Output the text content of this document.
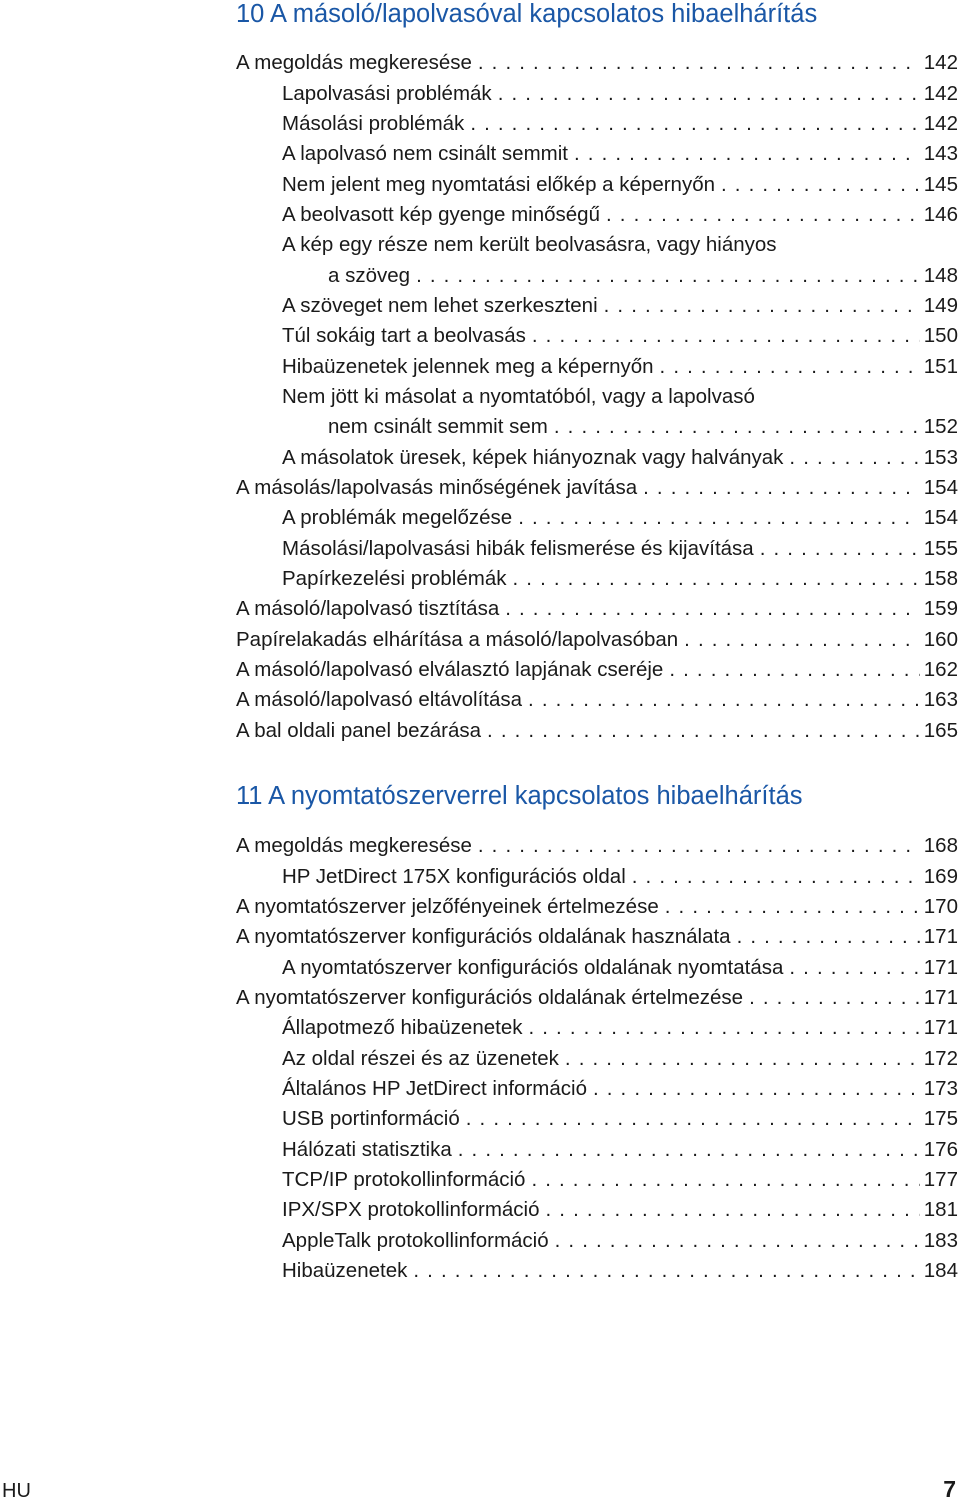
10 A másoló/lapolvasóval kapcsolatos hibaelhárítás
A megoldás megkeresése . . .	142
Lapolvasási problémák . . .	142
Másolási problémák . . .	142
A lapolvasó nem csinált semmit . . .	143
Nem jelent meg nyomtatási előkép a képernyőn . . .	145
A beolvasott kép gyenge minőségű . . .	146
A kép egy része nem került beolvasásra, vagy hiányos
a szöveg . . .	148
A szöveget nem lehet szerkeszteni . . .	149
Túl sokáig tart a beolvasás . . .	150
Hibaüzenetek jelennek meg a képernyőn . . .	151
Nem jött ki másolat a nyomtatóból, vagy a lapolvasó
nem csinált semmit sem . . .	152
A másolatok üresek, képek hiányoznak vagy halványak . . .	153
A másolás/lapolvasás minőségének javítása . . .	154
A problémák megelőzése . . .	154
Másolási/lapolvasási hibák felismerése és kijavítása . . .	155
Papírkezelési problémák . . .	158
A másoló/lapolvasó tisztítása . . .	159
Papírelakadás elhárítása a másoló/lapolvasóban . . .	160
A másoló/lapolvasó elválasztó lapjának cseréje . . .	162
A másoló/lapolvasó eltávolítása . . .	163
A bal oldali panel bezárása . . .	165
11 A nyomtatószerverrel kapcsolatos hibaelhárítás
A megoldás megkeresése . . .	168
HP JetDirect 175X konfigurációs oldal . . .	169
A nyomtatószerver jelzőfényeinek értelmezése . . .	170
A nyomtatószerver konfigurációs oldalának használata . . .	171
A nyomtatószerver konfigurációs oldalának nyomtatása . . .	171
A nyomtatószerver konfigurációs oldalának értelmezése . . .	171
Állapotmező hibaüzenetek . . .	171
Az oldal részei és az üzenetek . . .	172
Általános HP JetDirect információ . . .	173
USB portinformáció . . .	175
Hálózati statisztika . . .	176
TCP/IP protokollinformáció . . .	177
IPX/SPX protokollinformáció . . .	181
AppleTalk protokollinformáció . . .	183
Hibaüzenetek . . .	184

HU	7
